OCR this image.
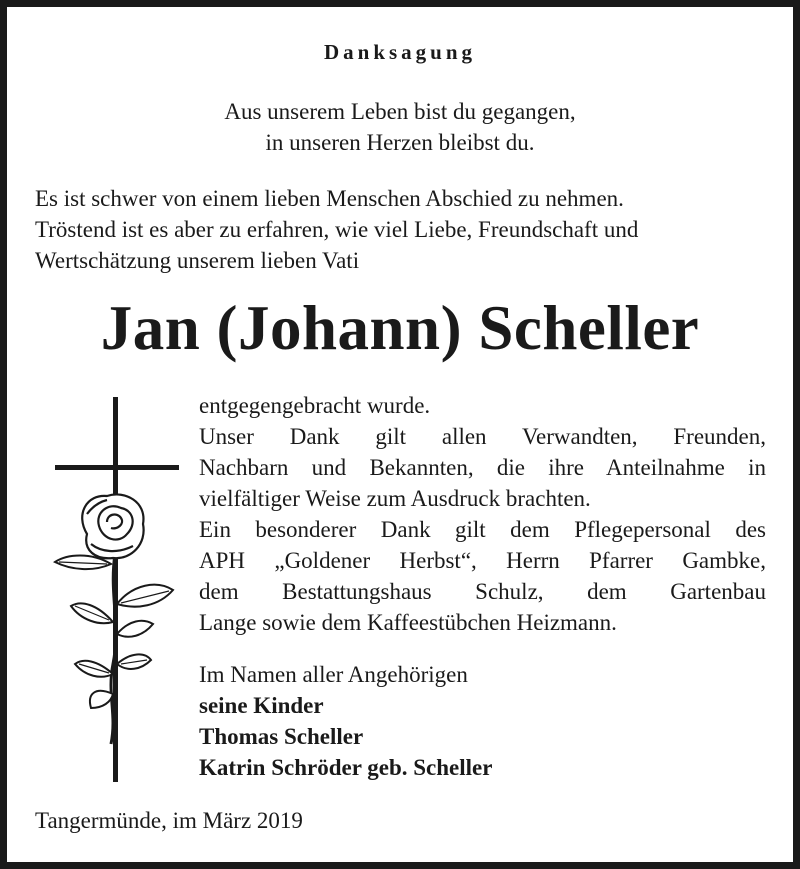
Danksagung
Aus unserem Leben bist du gegangen,
in unseren Herzen bleibst du.
Es ist schwer von einem lieben Menschen Abschied zu nehmen.
Tröstend ist es aber zu erfahren, wie viel Liebe, Freundschaft und
Wertschätzung unserem lieben Vati
Jan (Johann) Scheller
entgegengebracht wurde.
Unser Dank gilt allen Verwandten, Freunden,
Nachbarn und Bekannten, die ihre Anteilnahme in
vielfältiger Weise zum Ausdruck brachten.
Ein besonderer Dank gilt dem Pflegepersonal des
APH „Goldener Herbst“, Herrn Pfarrer Gambke,
dem Bestattungshaus Schulz, dem Gartenbau
Lange sowie dem Kaffeestübchen Heizmann.
Im Namen aller Angehörigen
seine Kinder
Thomas Scheller
Katrin Schröder geb. Scheller
Tangermünde, im März 2019
